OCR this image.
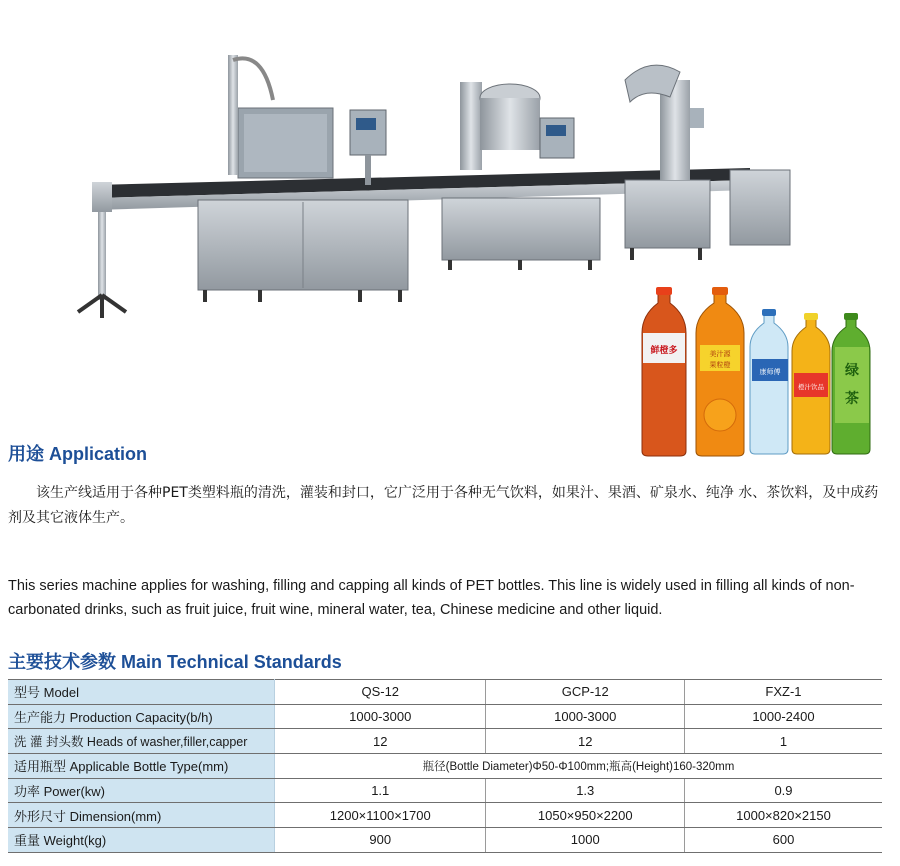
鲜橙多	美汁源
果粒橙
康师傅
橙汁饮品
绿
茶
用途 Application
该生产线适用于各种PET类塑料瓶的清洗，灌装和封口，它广泛用于各种无气饮料，如果汁、果酒、矿泉水、纯净 水、茶饮料，及中成药剂及其它液体生产。
This series machine applies for washing, filling and capping all kinds of PET bottles. This line is widely used in filling all kinds of non-carbonated drinks, such as fruit juice, fruit wine, mineral water, tea, Chinese medicine and other liquid.
主要技术参数 Main Technical Standards
型号 Model	QS-12	GCP-12	FXZ-1
生产能力 Production Capacity(b/h)	1000-3000	1000-3000	1000-2400
洗 灌 封头数 Heads of washer,filler,capper	12	12	1
适用瓶型 Applicable Bottle Type(mm)	瓶径(Bottle Diameter)Φ50-Φ100mm;瓶高(Height)160-320mm		
功率 Power(kw)	1.1	1.3	0.9
外形尺寸 Dimension(mm)	1200×1100×1700	1050×950×2200	1000×820×2150
重量 Weight(kg)	900	1000	600
